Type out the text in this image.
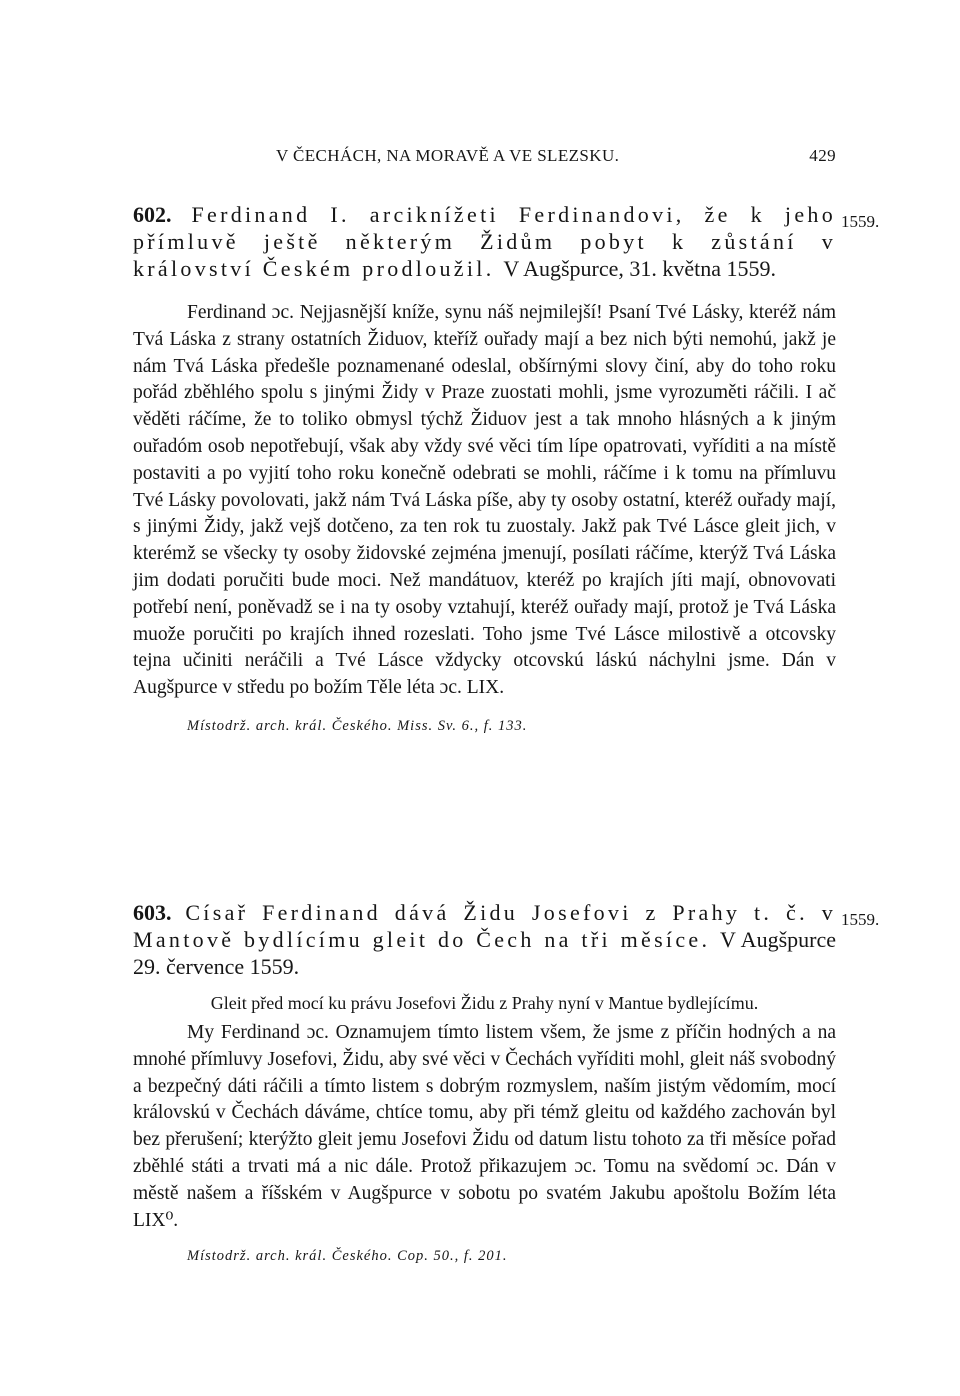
V ČECHÁCH, NA MORAVĚ A VE SLEZSKU.	429
1559.

602. Ferdinand I. arciknížeti Ferdinandovi, že k jeho přímluvě ještě některým Židům pobyt k zůstání v království Českém prodloužil. V Augšpurce, 31. května 1559.

Ferdinand ɔc. Nejjasnější kníže, synu náš nejmilejší! Psaní Tvé Lásky, kteréž nám Tvá Láska z strany ostatních Židuov, kteříž ouřady mají a bez nich býti nemohú, jakž je nám Tvá Láska předešle poznamenané odeslal, obšírnými slovy činí, aby do toho roku pořád zběhlého spolu s jinými Židy v Praze zuostati mohli, jsme vyrozuměti ráčili. I ač věděti ráčíme, že to toliko obmysl týchž Židuov jest a tak mnoho hlásných a k jiným ouřadóm osob nepotřebují, však aby vždy své věci tím lípe opatrovati, vyříditi a na místě postaviti a po vyjití toho roku konečně odebrati se mohli, ráčíme i k tomu na přímluvu Tvé Lásky povolovati, jakž nám Tvá Láska píše, aby ty osoby ostatní, kteréž ouřady mají, s jinými Židy, jakž vejš dotčeno, za ten rok tu zuostaly. Jakž pak Tvé Lásce gleit jich, v kterémž se všecky ty osoby židovské zejména jmenují, posílati ráčíme, kterýž Tvá Láska jim dodati poručiti bude moci. Než mandátuov, kteréž po krajích jíti mají, obnovovati potřebí není, poněvadž se i na ty osoby vztahují, kteréž ouřady mají, protož je Tvá Láska muože poručiti po krajích ihned rozeslati. Toho jsme Tvé Lásce milostivě a otcovsky tejna učiniti neráčili a Tvé Lásce vždycky otcovskú láskú náchylni jsme. Dán v Augšpurce v středu po božím Těle léta ɔc. LIX.

Místodrž. arch. král. Českého. Miss. Sv. 6., f. 133.

1559.

603. Císař Ferdinand dává Židu Josefovi z Prahy t. č. v Mantově bydlícímu gleit do Čech na tři měsíce. V Augšpurce 29. července 1559.

Gleit před mocí ku právu Josefovi Židu z Prahy nyní v Mantue bydlejícímu.

My Ferdinand ɔc. Oznamujem tímto listem všem, že jsme z příčin hodných a na mnohé přímluvy Josefovi, Židu, aby své věci v Čechách vyříditi mohl, gleit náš svobodný a bezpečný dáti ráčili a tímto listem s dobrým rozmyslem, naším jistým vědomím, mocí královskú v Čechách dáváme, chtíce tomu, aby při témž gleitu od každého zachován byl bez přerušení; kterýžto gleit jemu Josefovi Židu od datum listu tohoto za tři měsíce pořad zběhlé státi a trvati má a nic dále. Protož přikazujem ɔc. Tomu na svědomí ɔc. Dán v městě našem a říšském v Augšpurce v sobotu po svatém Jakubu apoštolu Božím léta LIX⁰.

Místodrž. arch. král. Českého. Cop. 50., f. 201.
